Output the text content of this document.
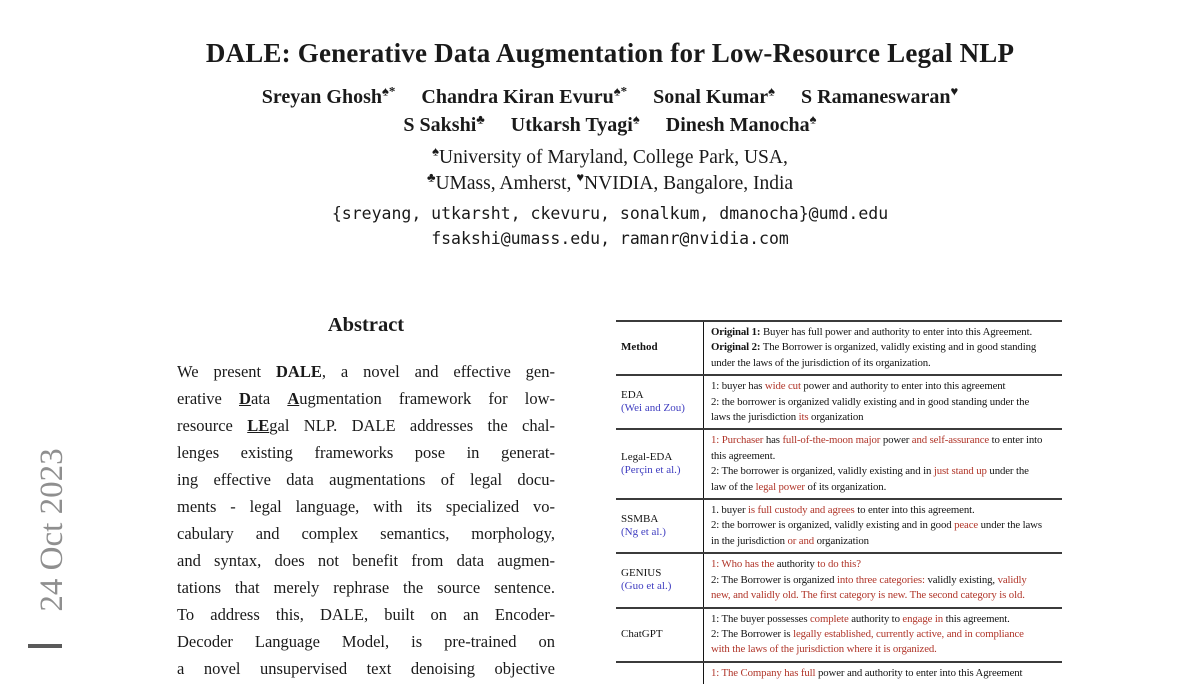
24 Oct 2023
DALE: Generative Data Augmentation for Low-Resource Legal NLP
Sreyan Ghosh♠* Chandra Kiran Evuru♠* Sonal Kumar♠ S Ramaneswaran♥
S Sakshi♣ Utkarsh Tyagi♠ Dinesh Manocha♠
♠University of Maryland, College Park, USA,
♣UMass, Amherst, ♥NVIDIA, Bangalore, India
{sreyang, utkarsht, ckevuru, sonalkum, dmanocha}@umd.edu
fsakshi@umass.edu, ramanr@nvidia.com
Abstract
We present DALE, a novel and effective gen-
erative Data Augmentation framework for low-
resource LEgal NLP. DALE addresses the chal-
lenges existing frameworks pose in generat-
ing effective data augmentations of legal docu-
ments - legal language, with its specialized vo-
cabulary and complex semantics, morphology,
and syntax, does not benefit from data augmen-
tations that merely rephrase the source sentence.
To address this, DALE, built on an Encoder-
Decoder Language Model, is pre-trained on
a novel unsupervised text denoising objective
Method
Original 1: Buyer has full power and authority to enter into this Agreement.
Original 2: The Borrower is organized, validly existing and in good standing
under the laws of the jurisdiction of its organization.
EDA
(Wei and Zou)
1: buyer has wide cut power and authority to enter into this agreement
2: the borrower is organized validly existing and in good standing under the
laws the jurisdiction its organization
Legal-EDA
(Perçin et al.)
1: Purchaser has full-of-the-moon major power and self-assurance to enter into
this agreement.
2: The borrower is organized, validly existing and in just stand up under the
law of the legal power of its organization.
SSMBA
(Ng et al.)
1. buyer is full custody and agrees to enter into this agreement.
2: the borrower is organized, validly existing and in good peace under the laws
in the jurisdiction or and organization
GENIUS
(Guo et al.)
1: Who has the authority to do this?
2: The Borrower is organized into three categories: validly existing, validly
new, and validly old. The first category is new. The second category is old.
ChatGPT
1: The buyer possesses complete authority to engage in this agreement.
2: The Borrower is legally established, currently active, and in compliance
with the laws of the jurisdiction where it is organized.
1: The Company has full power and authority to enter into this Agreement
